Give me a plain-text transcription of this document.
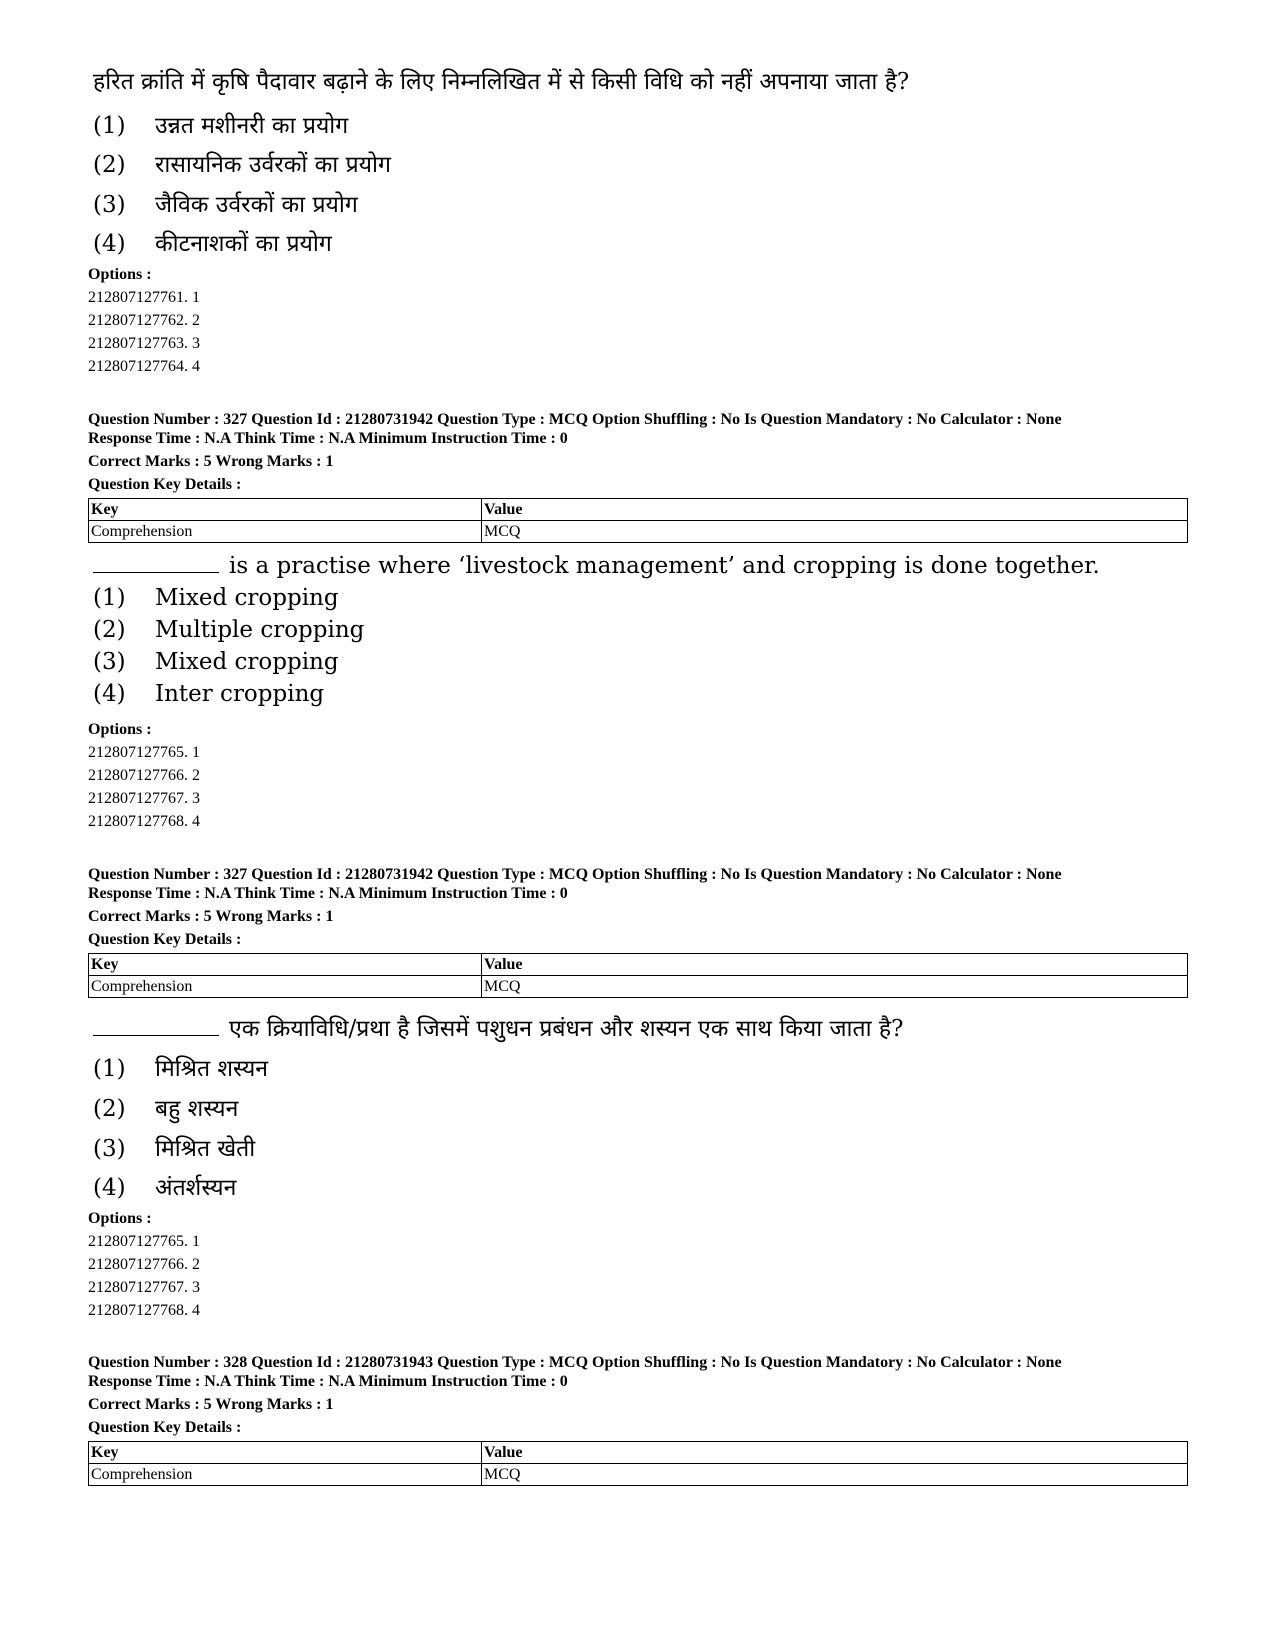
हरित क्रांति में कृषि पैदावार बढ़ाने के लिए निम्नलिखित में से किसी विधि को नहीं अपनाया जाता है?
(1) उन्नत मशीनरी का प्रयोग
(2) रासायनिक उर्वरकों का प्रयोग
(3) जैविक उर्वरकों का प्रयोग
(4) कीटनाशकों का प्रयोग
Options :
212807127761. 1
212807127762. 2
212807127763. 3
212807127764. 4
Question Number : 327 Question Id : 21280731942 Question Type : MCQ Option Shuffling : No Is Question Mandatory : No Calculator : None
Response Time : N.A Think Time : N.A Minimum Instruction Time : 0
Correct Marks : 5 Wrong Marks : 1
Question Key Details :
Key	Value
Comprehension	MCQ
is a practise where ‘livestock management’ and cropping is done together.
(1) Mixed cropping
(2) Multiple cropping
(3) Mixed cropping
(4) Inter cropping
Options :
212807127765. 1
212807127766. 2
212807127767. 3
212807127768. 4
Question Number : 327 Question Id : 21280731942 Question Type : MCQ Option Shuffling : No Is Question Mandatory : No Calculator : None
Response Time : N.A Think Time : N.A Minimum Instruction Time : 0
Correct Marks : 5 Wrong Marks : 1
Question Key Details :
Key	Value
Comprehension	MCQ
एक क्रियाविधि/प्रथा है जिसमें पशुधन प्रबंधन और शस्यन एक साथ किया जाता है?
(1) मिश्रित शस्यन
(2) बहु शस्यन
(3) मिश्रित खेती
(4) अंतर्शस्यन
Options :
212807127765. 1
212807127766. 2
212807127767. 3
212807127768. 4
Question Number : 328 Question Id : 21280731943 Question Type : MCQ Option Shuffling : No Is Question Mandatory : No Calculator : None
Response Time : N.A Think Time : N.A Minimum Instruction Time : 0
Correct Marks : 5 Wrong Marks : 1
Question Key Details :
Key	Value
Comprehension	MCQ
